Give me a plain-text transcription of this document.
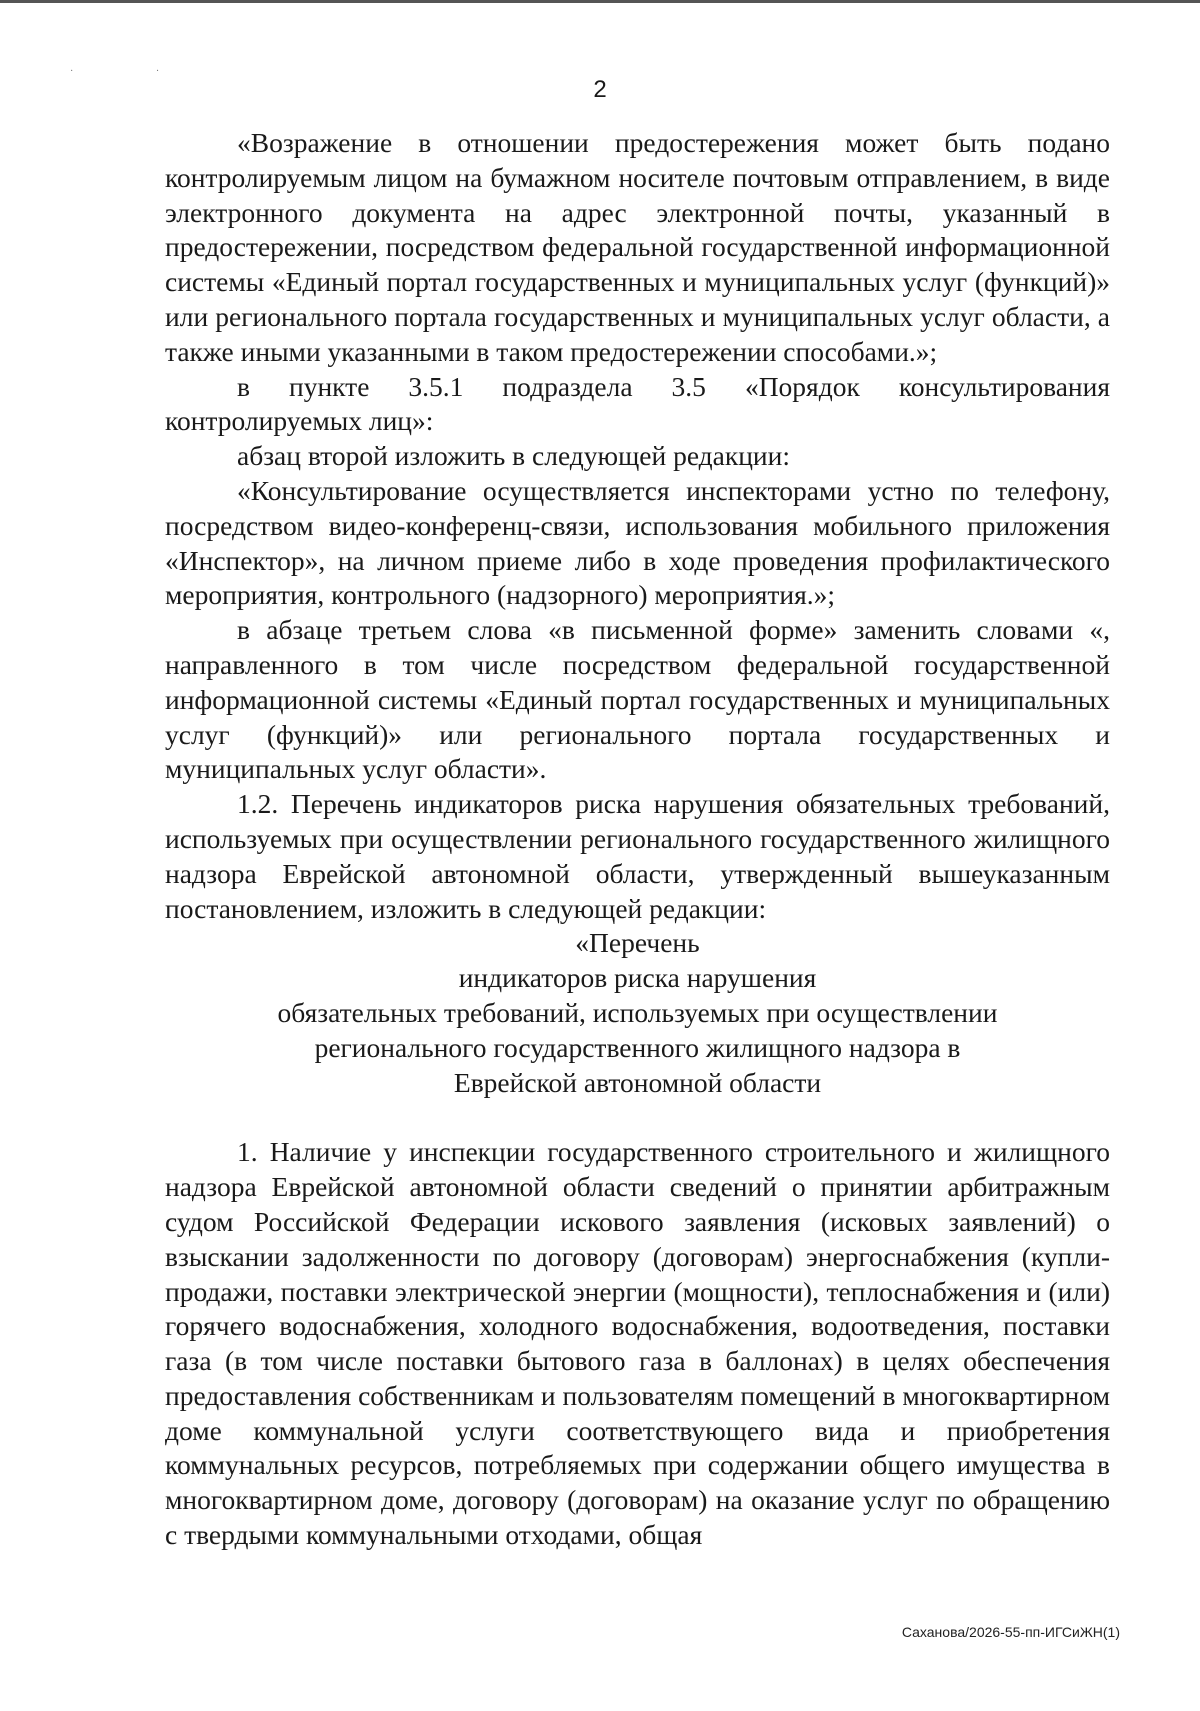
· ·
2

«Возражение в отношении предостережения может быть подано контролируемым лицом на бумажном носителе почтовым отправлением, в виде электронного документа на адрес электронной почты, указанный в предостережении, посредством федеральной государственной информационной системы «Единый портал государственных и муниципальных услуг (функций)» или регионального портала государственных и муниципальных услуг области, а также иными указанными в таком предостережении способами.»;

в пункте 3.5.1 подраздела 3.5 «Порядок консультирования контролируемых лиц»:

абзац второй изложить в следующей редакции:

«Консультирование осуществляется инспекторами устно по телефону, посредством видео-конференц-связи, использования мобильного приложения «Инспектор», на личном приеме либо в ходе проведения профилактического мероприятия, контрольного (надзорного) мероприятия.»;

в абзаце третьем слова «в письменной форме» заменить словами «, направленного в том числе посредством федеральной государственной информационной системы «Единый портал государственных и муниципальных услуг (функций)» или регионального портала государственных и муниципальных услуг области».

1.2. Перечень индикаторов риска нарушения обязательных требований, используемых при осуществлении регионального государственного жилищного надзора Еврейской автономной области, утвержденный вышеуказанным постановлением, изложить в следующей редакции:

«Перечень

индикаторов риска нарушения

обязательных требований, используемых при осуществлении

регионального государственного жилищного надзора в

Еврейской автономной области

1. Наличие у инспекции государственного строительного и жилищного надзора Еврейской автономной области сведений о принятии арбитражным судом Российской Федерации искового заявления (исковых заявлений) о взыскании задолженности по договору (договорам) энергоснабжения (купли-продажи, поставки электрической энергии (мощности), теплоснабжения и (или) горячего водоснабжения, холодного водоснабжения, водоотведения, поставки газа (в том числе поставки бытового газа в баллонах) в целях обеспечения предоставления собственникам и пользователям помещений в многоквартирном доме коммунальной услуги соответствующего вида и приобретения коммунальных ресурсов, потребляемых при содержании общего имущества в многоквартирном доме, договору (договорам) на оказание услуг по обращению с твердыми коммунальными отходами, общая

Саханова/2026-55-пп-ИГСиЖН(1)
